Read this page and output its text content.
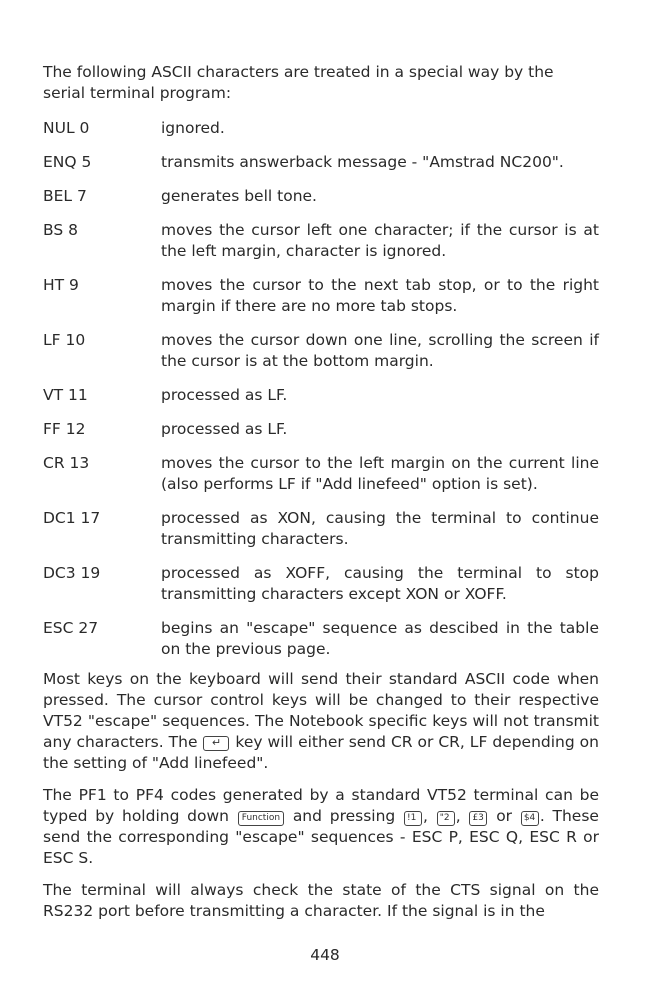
The following ASCII characters are treated in a special way by the serial terminal program:

NUL 0	ignored.
ENQ 5	transmits answerback message - "Amstrad NC200".
BEL 7	generates bell tone.
BS 8	moves the cursor left one character; if the cursor is at the left margin, character is ignored.
HT 9	moves the cursor to the next tab stop, or to the right margin if there are no more tab stops.
LF 10	moves the cursor down one line, scrolling the screen if the cursor is at the bottom margin.
VT 11	processed as LF.
FF 12	processed as LF.
CR 13	moves the cursor to the left margin on the current line (also performs LF if "Add linefeed" option is set).
DC1 17	processed as XON, causing the terminal to continue transmitting characters.
DC3 19	processed as XOFF, causing the terminal to stop transmitting characters except XON or XOFF.
ESC 27	begins an "escape" sequence as descibed in the table on the previous page.

Most keys on the keyboard will send their standard ASCII code when pressed. The cursor control keys will be changed to their respective VT52 "escape" sequences. The Notebook specific keys will not transmit any characters. The ↵ key will either send CR or CR, LF depending on the setting of "Add linefeed".

The PF1 to PF4 codes generated by a standard VT52 terminal can be typed by holding down Function and pressing !1 , "2 , £3 or $4 . These send the corresponding "escape" sequences - ESC P, ESC Q, ESC R or ESC S.

The terminal will always check the state of the CTS signal on the RS232 port before transmitting a character. If the signal is in the

448
